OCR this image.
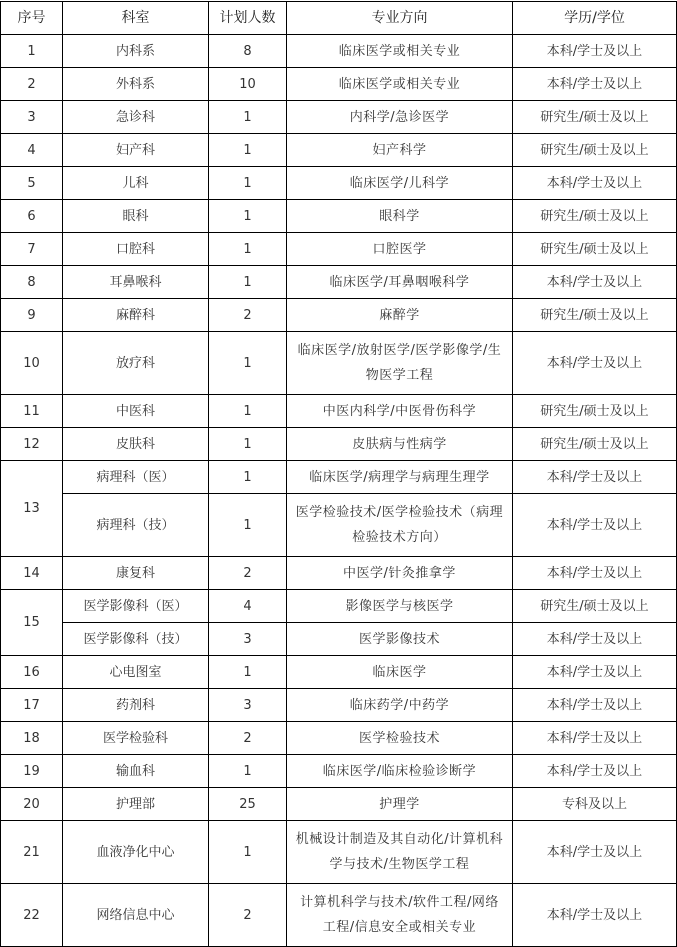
序号	科室	计划人数	专业方向	学历/学位
1	内科系	8	临床医学或相关专业	本科/学士及以上
2	外科系	10	临床医学或相关专业	本科/学士及以上
3	急诊科	1	内科学/急诊医学	研究生/硕士及以上
4	妇产科	1	妇产科学	研究生/硕士及以上
5	儿科	1	临床医学/儿科学	本科/学士及以上
6	眼科	1	眼科学	研究生/硕士及以上
7	口腔科	1	口腔医学	研究生/硕士及以上
8	耳鼻喉科	1	临床医学/耳鼻咽喉科学	本科/学士及以上
9	麻醉科	2	麻醉学	研究生/硕士及以上
10	放疗科	1	临床医学/放射医学/医学影像学/生物医学工程	本科/学士及以上
11	中医科	1	中医内科学/中医骨伤科学	研究生/硕士及以上
12	皮肤科	1	皮肤病与性病学	研究生/硕士及以上
13	病理科（医）	1	临床医学/病理学与病理生理学	本科/学士及以上
	病理科（技）	1	医学检验技术/医学检验技术（病理检验技术方向）	本科/学士及以上
14	康复科	2	中医学/针灸推拿学	本科/学士及以上
15	医学影像科（医）	4	影像医学与核医学	研究生/硕士及以上
	医学影像科（技）	3	医学影像技术	本科/学士及以上
16	心电图室	1	临床医学	本科/学士及以上
17	药剂科	3	临床药学/中药学	本科/学士及以上
18	医学检验科	2	医学检验技术	本科/学士及以上
19	输血科	1	临床医学/临床检验诊断学	本科/学士及以上
20	护理部	25	护理学	专科及以上
21	血液净化中心	1	机械设计制造及其自动化/计算机科学与技术/生物医学工程	本科/学士及以上
22	网络信息中心	2	计算机科学与技术/软件工程/网络工程/信息安全或相关专业	本科/学士及以上
